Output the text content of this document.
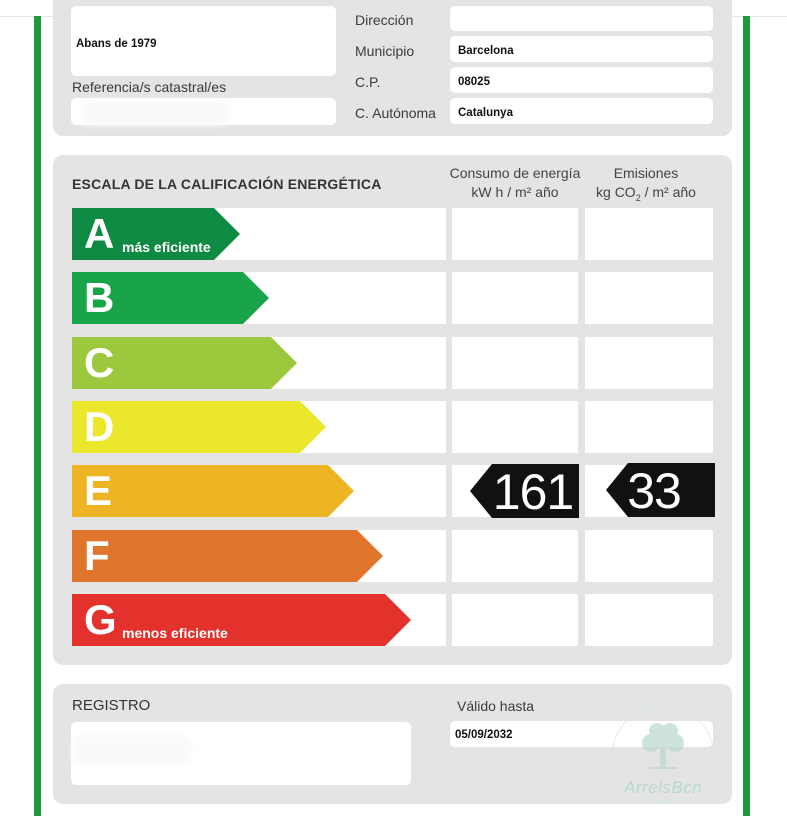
Abans de 1979
Referencia/s catastral/es
Dirección
Municipio	Barcelona
C.P.	08025
C. Autónoma Catalunya
ESCALA DE LA CALIFICACIÓN ENERGÉTICA
Consumo de energía
kW h / m² año
Emisiones
kg $CO_2 / m^2$ año
A más eficiente
B
C
D
E	161 33
F
G menos eficiente
REGISTRO	Válido hasta
05/09/2032
ArrelsBcn
